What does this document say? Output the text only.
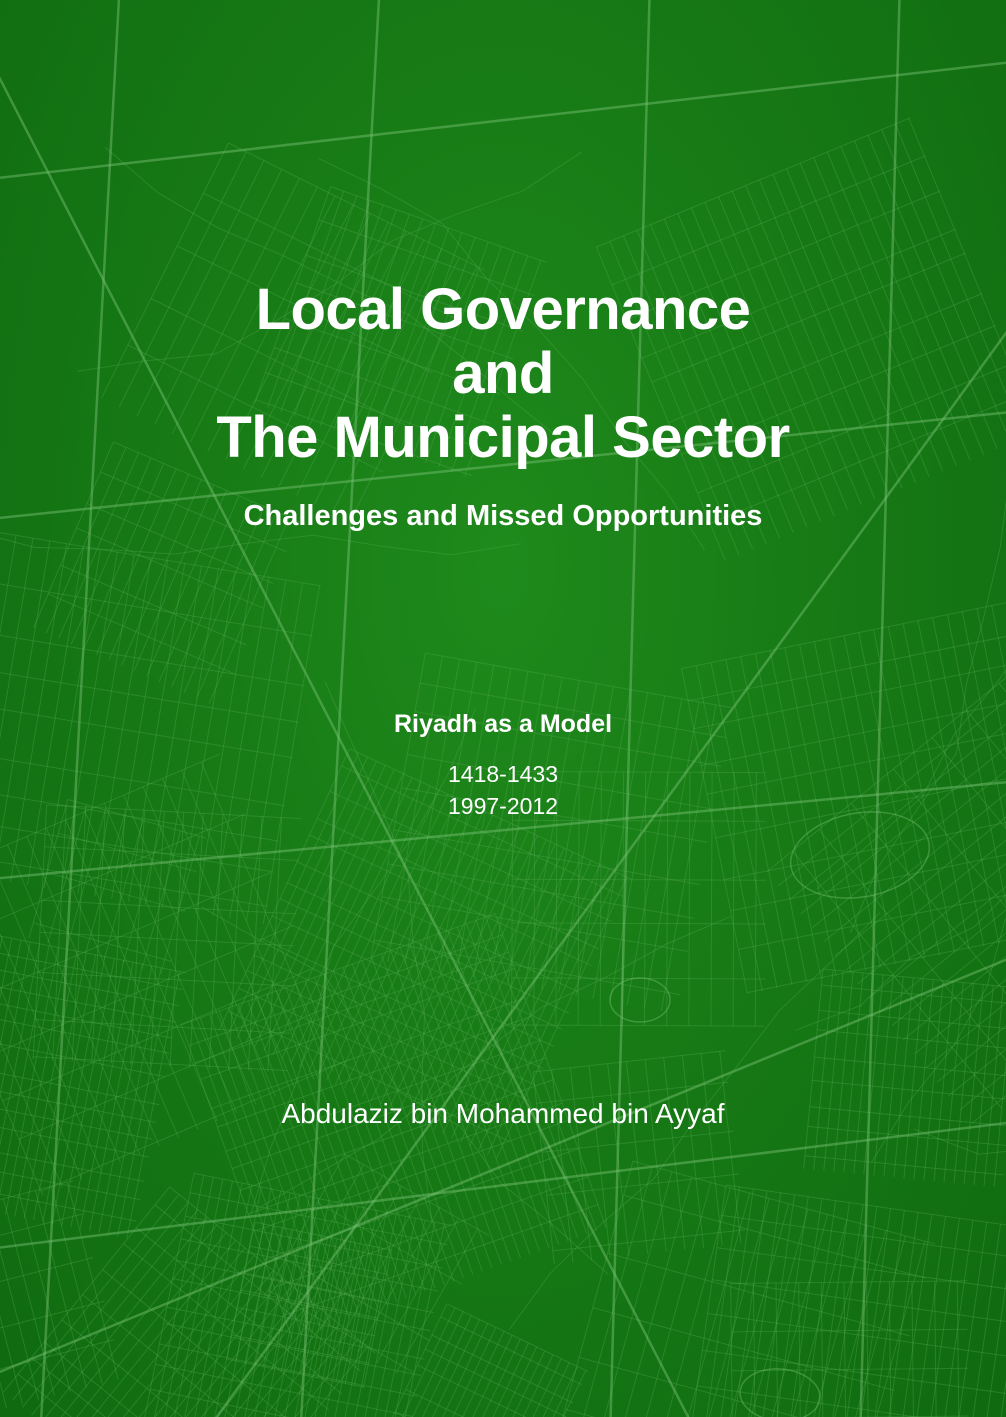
Local Governance
and
The Municipal Sector

Challenges and Missed Opportunities

Riyadh as a Model

1418-1433
1997-2012

Abdulaziz bin Mohammed bin Ayyaf
